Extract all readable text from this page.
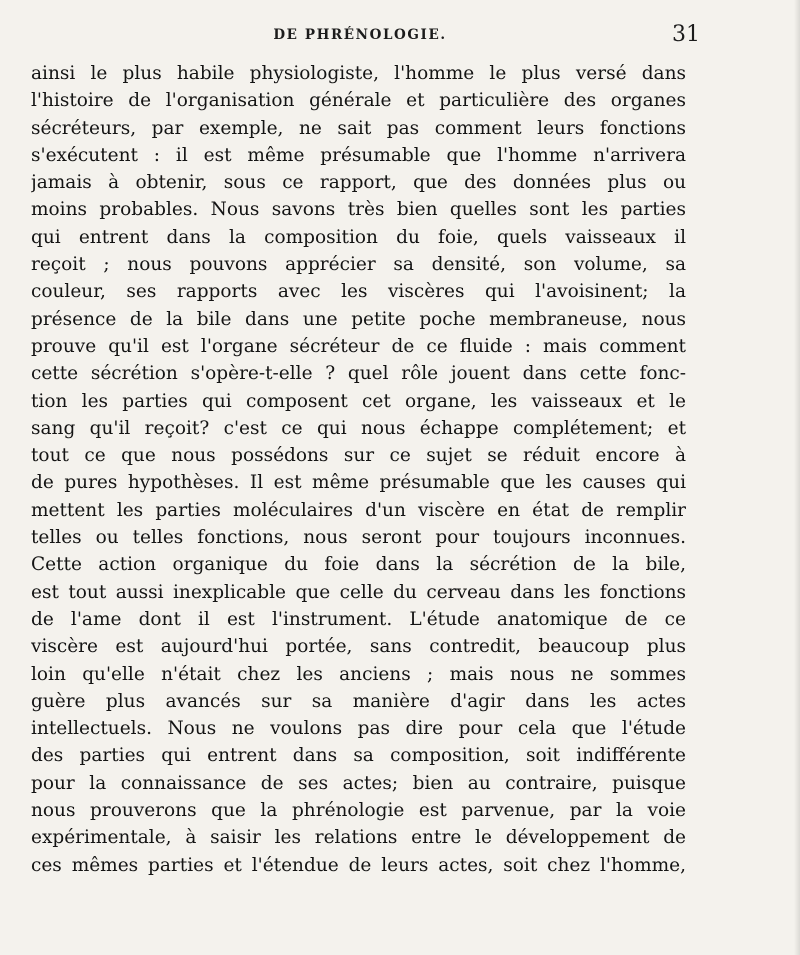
DE PHRÉNOLOGIE.	31
ainsi le plus habile physiologiste, l'homme le plus versé dans
l'histoire de l'organisation générale et particulière des organes
sécréteurs, par exemple, ne sait pas comment leurs fonctions
s'exécutent : il est même présumable que l'homme n'arrivera
jamais à obtenir, sous ce rapport, que des données plus ou
moins probables. Nous savons très bien quelles sont les parties
qui entrent dans la composition du foie, quels vaisseaux il
reçoit ; nous pouvons apprécier sa densité, son volume, sa
couleur, ses rapports avec les viscères qui l'avoisinent; la
présence de la bile dans une petite poche membraneuse, nous
prouve qu'il est l'organe sécréteur de ce fluide : mais comment
cette sécrétion s'opère-t-elle ? quel rôle jouent dans cette fonc-
tion les parties qui composent cet organe, les vaisseaux et le
sang qu'il reçoit? c'est ce qui nous échappe complétement; et
tout ce que nous possédons sur ce sujet se réduit encore à
de pures hypothèses. Il est même présumable que les causes qui
mettent les parties moléculaires d'un viscère en état de remplir
telles ou telles fonctions, nous seront pour toujours inconnues.
Cette action organique du foie dans la sécrétion de la bile,
est tout aussi inexplicable que celle du cerveau dans les fonctions
de l'ame dont il est l'instrument. L'étude anatomique de ce
viscère est aujourd'hui portée, sans contredit, beaucoup plus
loin qu'elle n'était chez les anciens ; mais nous ne sommes
guère plus avancés sur sa manière d'agir dans les actes
intellectuels. Nous ne voulons pas dire pour cela que l'étude
des parties qui entrent dans sa composition, soit indifférente
pour la connaissance de ses actes; bien au contraire, puisque
nous prouverons que la phrénologie est parvenue, par la voie
expérimentale, à saisir les relations entre le développement de
ces mêmes parties et l'étendue de leurs actes, soit chez l'homme,
